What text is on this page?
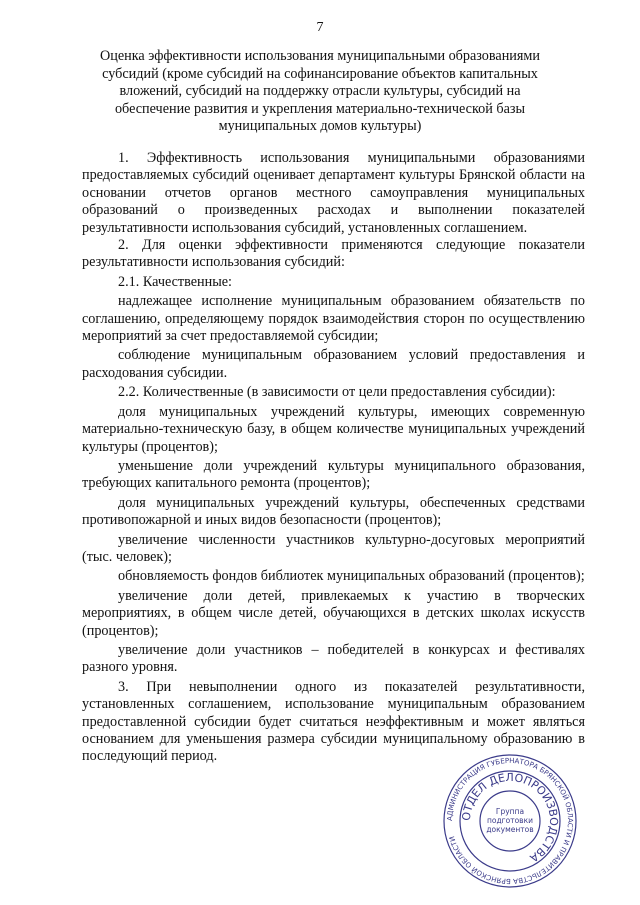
7
Оценка эффективности использования муниципальными образованиями субсидий (кроме субсидий на софинансирование объектов капитальных вложений, субсидий на поддержку отрасли культуры, субсидий на обеспечение развития и укрепления материально-технической базы муниципальных домов культуры)

1. Эффективность использования муниципальными образованиями предоставляемых субсидий оценивает департамент культуры Брянской области на основании отчетов органов местного самоуправления муниципальных образований о произведенных расходах и выполнении показателей результативности использования субсидий, установленных соглашением.

2. Для оценки эффективности применяются следующие показатели результативности использования субсидий:

2.1. Качественные:

надлежащее исполнение муниципальным образованием обязательств по соглашению, определяющему порядок взаимодействия сторон по осуществлению мероприятий за счет предоставляемой субсидии;

соблюдение муниципальным образованием условий предоставления и расходования субсидии.

2.2. Количественные (в зависимости от цели предоставления субсидии):

доля муниципальных учреждений культуры, имеющих современную материально-техническую базу, в общем количестве муниципальных учреждений культуры (процентов);

уменьшение доли учреждений культуры муниципального образования, требующих капитального ремонта (процентов);

доля муниципальных учреждений культуры, обеспеченных средствами противопожарной и иных видов безопасности (процентов);

увеличение численности участников культурно-досуговых мероприятий (тыс. человек);

обновляемость фондов библиотек муниципальных образований (процентов);

увеличение доли детей, привлекаемых к участию в творческих мероприятиях, в общем числе детей, обучающихся в детских школах искусств (процентов);

увеличение доли участников – победителей в конкурсах и фестивалях разного уровня.

3. При невыполнении одного из показателей результативности, установленных соглашением, использование муниципальным образованием предоставленной субсидии будет считаться неэффективным и может являться основанием для уменьшения размера субсидии муниципальному образованию в последующий период.

АДМИНИСТРАЦИЯ ГУБЕРНАТОРА БРЯНСКОЙ ОБЛАСТИ И ПРАВИТЕЛЬСТВА БРЯНСКОЙ ОБЛАСТИ
ОТДЕЛ ДЕЛОПРОИЗВОДСТВА
Группа
подготовки
документов
